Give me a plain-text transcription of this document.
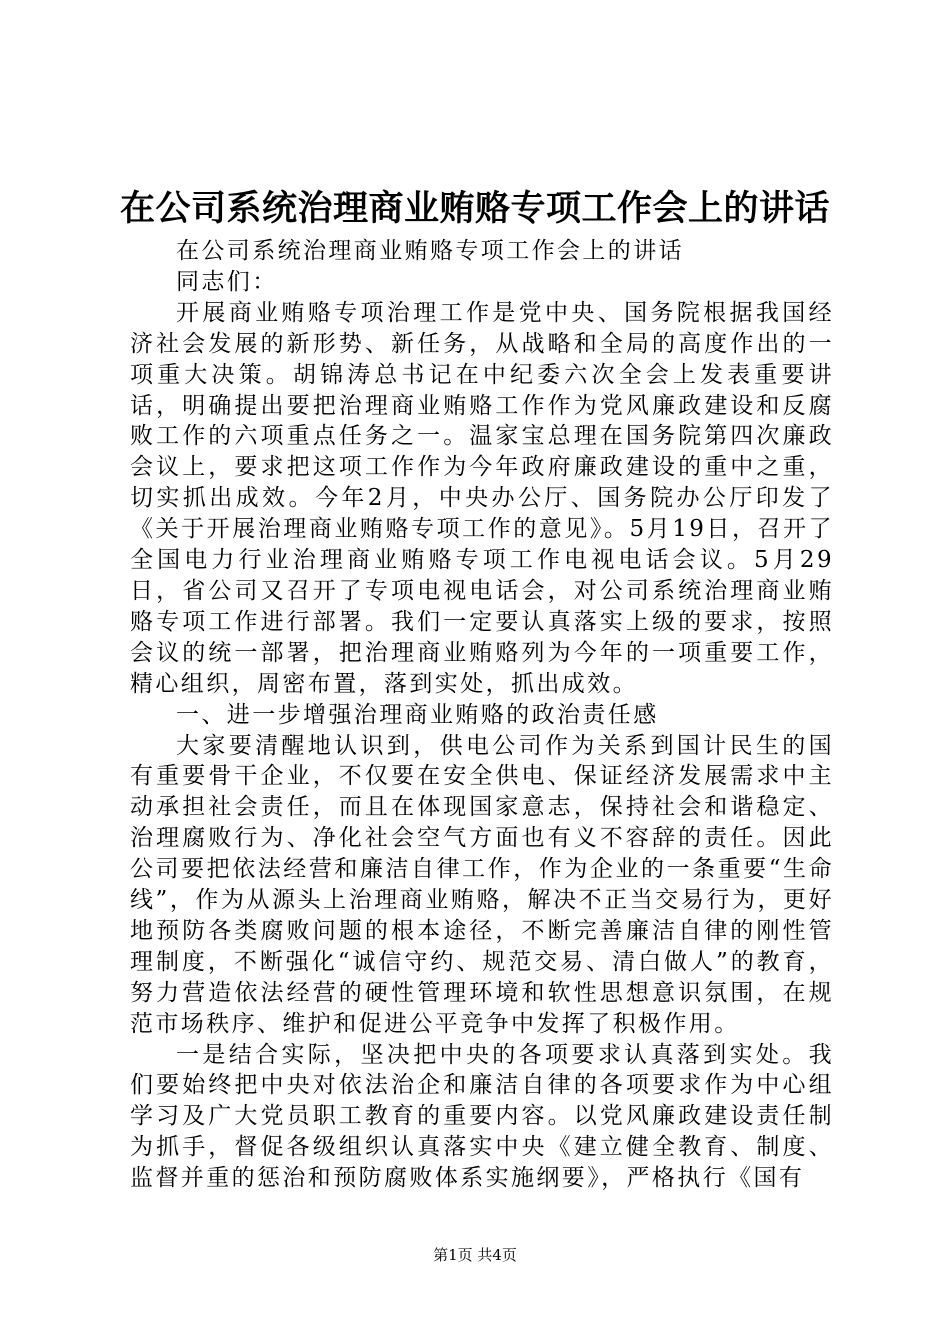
在公司系统治理商业贿赂专项工作会上的讲话

在公司系统治理商业贿赂专项工作会上的讲话

同志们：

开展商业贿赂专项治理工作是党中央、国务院根据我国经济社会发展的新形势、新任务，从战略和全局的高度作出的一项重大决策。胡锦涛总书记在中纪委六次全会上发表重要讲话，明确提出要把治理商业贿赂工作作为党风廉政建设和反腐败工作的六项重点任务之一。温家宝总理在国务院第四次廉政会议上，要求把这项工作作为今年政府廉政建设的重中之重，切实抓出成效。今年2月，中央办公厅、国务院办公厅印发了《关于开展治理商业贿赂专项工作的意见》。5月19日，召开了全国电力行业治理商业贿赂专项工作电视电话会议。5月29日，省公司又召开了专项电视电话会，对公司系统治理商业贿赂专项工作进行部署。我们一定要认真落实上级的要求，按照会议的统一部署，把治理商业贿赂列为今年的一项重要工作，精心组织，周密布置，落到实处，抓出成效。

一、进一步增强治理商业贿赂的政治责任感

大家要清醒地认识到，供电公司作为关系到国计民生的国有重要骨干企业，不仅要在安全供电、保证经济发展需求中主动承担社会责任，而且在体现国家意志，保持社会和谐稳定、治理腐败行为、净化社会空气方面也有义不容辞的责任。因此公司要把依法经营和廉洁自律工作，作为企业的一条重要“生命线”，作为从源头上治理商业贿赂，解决不正当交易行为，更好地预防各类腐败问题的根本途径，不断完善廉洁自律的刚性管理制度，不断强化“诚信守约、规范交易、清白做人”的教育，努力营造依法经营的硬性管理环境和软性思想意识氛围，在规范市场秩序、维护和促进公平竞争中发挥了积极作用。

一是结合实际，坚决把中央的各项要求认真落到实处。我们要始终把中央对依法治企和廉洁自律的各项要求作为中心组学习及广大党员职工教育的重要内容。以党风廉政建设责任制为抓手，督促各级组织认真落实中央《建立健全教育、制度、监督并重的惩治和预防腐败体系实施纲要》，严格执行《国有

第1页 共4页
